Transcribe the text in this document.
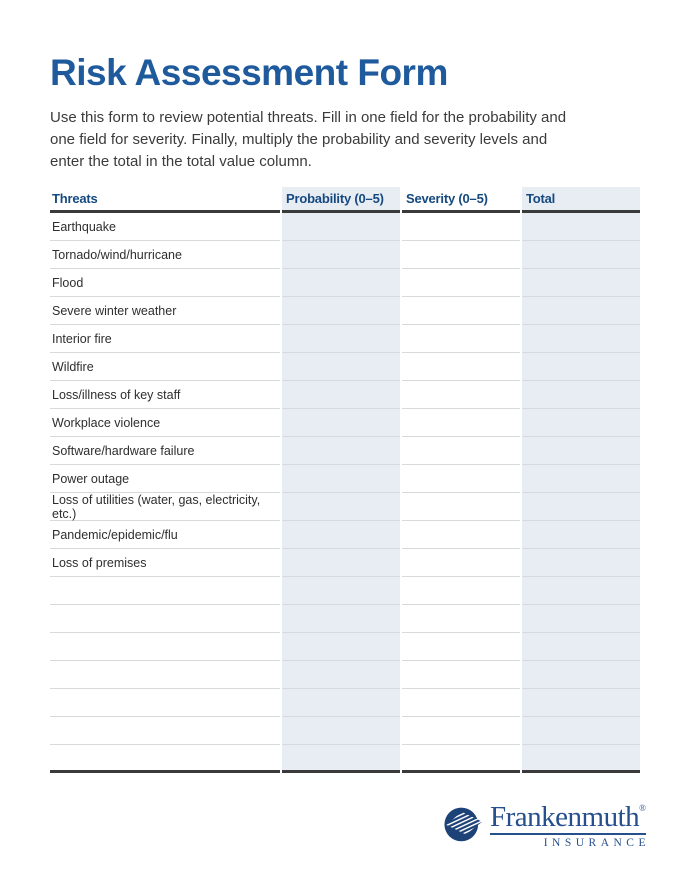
Risk Assessment Form
Use this form to review potential threats. Fill in one field for the probability and
one field for severity. Finally, multiply the probability and severity levels and
enter the total in the total value column.
Threats	Probability (0–5)	Severity (0–5)	Total
Earthquake
Tornado/wind/hurricane
Flood
Severe winter weather
Interior fire
Wildfire
Loss/illness of key staff
Workplace violence
Software/hardware failure
Power outage
Loss of utilities (water, gas, electricity, etc.)
Pandemic/epidemic/flu
Loss of premises
Frankenmuth ®
INSURANCE
